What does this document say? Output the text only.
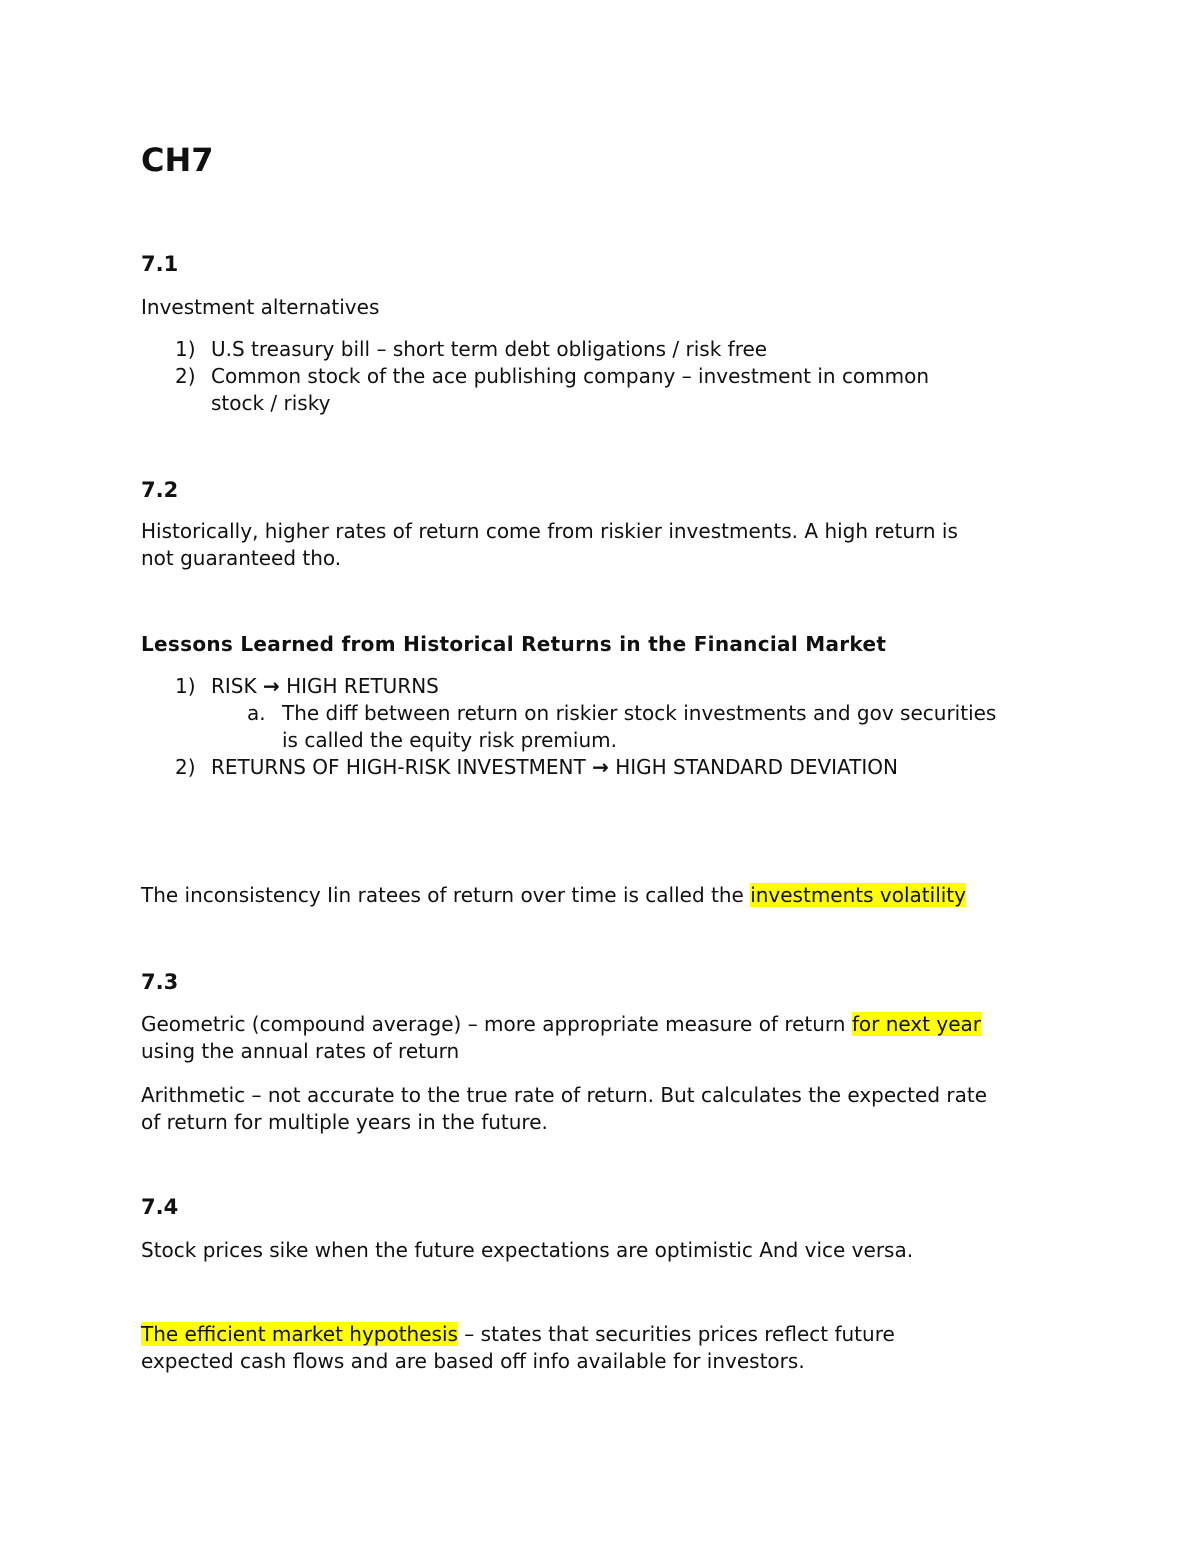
CH7
7.1
Investment alternatives
1) U.S treasury bill – short term debt obligations / risk free
2) Common stock of the ace publishing company – investment in common
stock / risky
7.2
Historically, higher rates of return come from riskier investments. A high return is
not guaranteed tho.
Lessons Learned from Historical Returns in the Financial Market
1) RISK → HIGH RETURNS
a. The diff between return on riskier stock investments and gov securities
is called the equity risk premium.
2) RETURNS OF HIGH-RISK INVESTMENT → HIGH STANDARD DEVIATION
The inconsistency Iin ratees of return over time is called the investments volatility
7.3
Geometric (compound average) – more appropriate measure of return for next year
using the annual rates of return
Arithmetic – not accurate to the true rate of return. But calculates the expected rate
of return for multiple years in the future.
7.4
Stock prices sike when the future expectations are optimistic And vice versa.
The efficient market hypothesis – states that securities prices reflect future
expected cash flows and are based off info available for investors.
